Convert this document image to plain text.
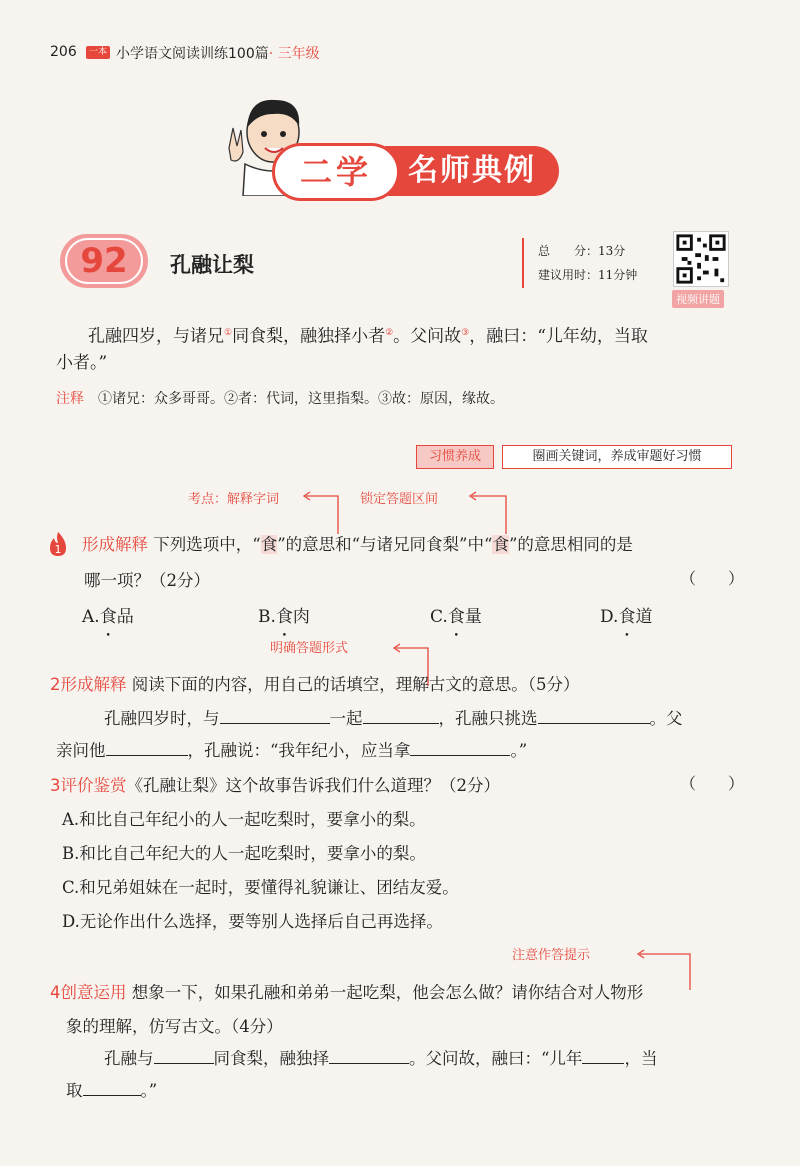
206	一本 小学语文阅读训练100篇· 三年级
名师典例
二学
92	孔融让梨
总　　分：13分
建议用时：11分钟
视频讲题
孔融四岁，与诸兄①同食梨，融独择小者②。父问故③，融曰：“儿年幼，当取
小者。”
注释 ①诸兄：众多哥哥。②者：代词，这里指梨。③故：原因，缘故。
习惯养成	圈画关键词，养成审题好习惯
考点：解释字词	锁定答题区间
明确答题形式
注意作答提示
1 形成解释 下列选项中，“食”的意思和“与诸兄同食梨”中“食”的意思相同的是
哪一项？（2分）	（　　）
A.食品	B.食肉	C.食量	D.食道
2形成解释 阅读下面的内容，用自己的话填空，理解古文的意思。（5分）
孔融四岁时，与	一起	，孔融只挑选	。父
亲问他	，孔融说：“我年纪小，应当拿	。”
3评价鉴赏《孔融让梨》这个故事告诉我们什么道理？（2分）	（　　）
A.和比自己年纪小的人一起吃梨时，要拿小的梨。
B.和比自己年纪大的人一起吃梨时，要拿小的梨。
C.和兄弟姐妹在一起时，要懂得礼貌谦让、团结友爱。
D.无论作出什么选择，要等别人选择后自己再选择。
4创意运用 想象一下，如果孔融和弟弟一起吃梨，他会怎么做？请你结合对人物形
象的理解，仿写古文。（4分）
孔融与	同食梨，融独择	。父问故，融曰：“儿年	，当
取	。”
